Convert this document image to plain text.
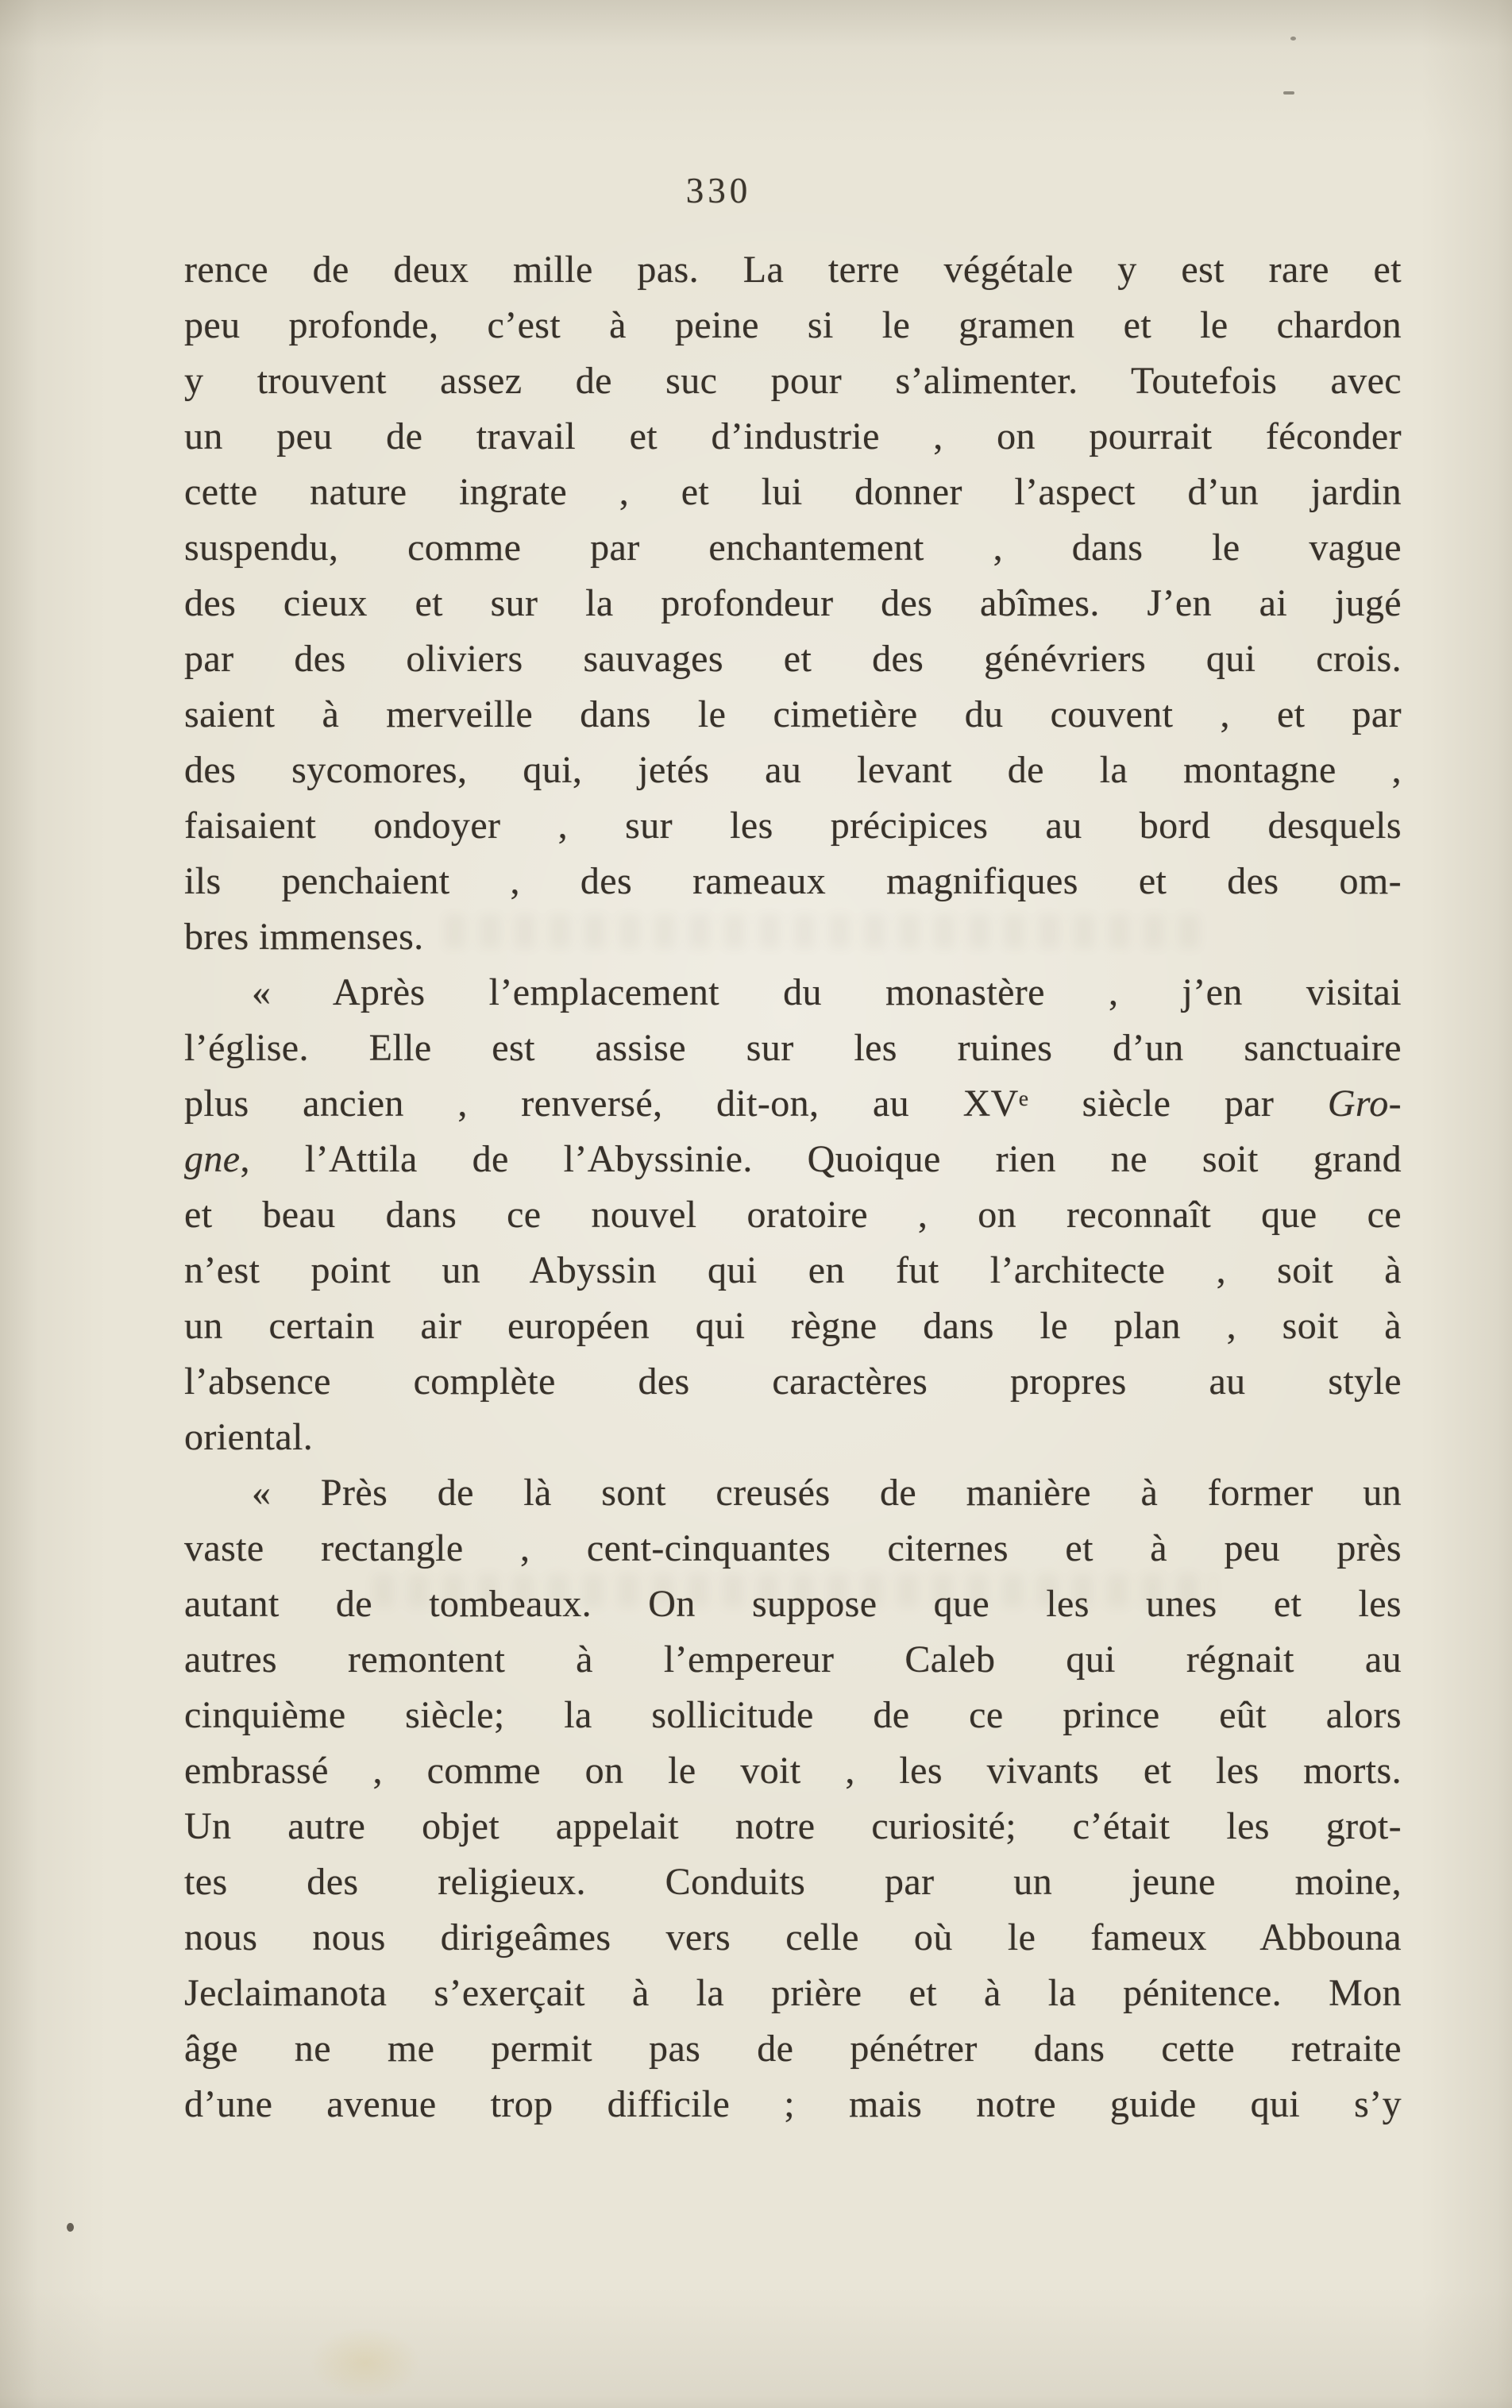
330
rence de deux mille pas. La terre végétale y est rare et
peu profonde, c’est à peine si le gramen et le chardon
y trouvent assez de suc pour s’alimenter. Toutefois avec
un peu de travail et d’industrie , on pourrait féconder
cette nature ingrate , et lui donner l’aspect d’un jardin
suspendu, comme par enchantement , dans le vague
des cieux et sur la profondeur des abîmes. J’en ai jugé
par des oliviers sauvages et des génévriers qui crois.
saient à merveille dans le cimetière du couvent , et par
des sycomores, qui, jetés au levant de la montagne ,
faisaient ondoyer , sur les précipices au bord desquels
ils penchaient , des rameaux magnifiques et des om-
bres immenses.
« Après l’emplacement du monastère , j’en visitai
l’église. Elle est assise sur les ruines d’un sanctuaire
plus ancien , renversé, dit-on, au XVe siècle par Gro-
gne, l’Attila de l’Abyssinie. Quoique rien ne soit grand
et beau dans ce nouvel oratoire , on reconnaît que ce
n’est point un Abyssin qui en fut l’architecte , soit à
un certain air européen qui règne dans le plan , soit à
l’absence complète des caractères propres au style
oriental.
« Près de là sont creusés de manière à former un
vaste rectangle , cent-cinquantes citernes et à peu près
autant de tombeaux. On suppose que les unes et les
autres remontent à l’empereur Caleb qui régnait au
cinquième siècle; la sollicitude de ce prince eût alors
embrassé , comme on le voit , les vivants et les morts.
Un autre objet appelait notre curiosité; c’était les grot-
tes des religieux. Conduits par un jeune moine,
nous nous dirigeâmes vers celle où le fameux Abbouna
Jeclaimanota s’exerçait à la prière et à la pénitence. Mon
âge ne me permit pas de pénétrer dans cette retraite
d’une avenue trop difficile ; mais notre guide qui s’y
